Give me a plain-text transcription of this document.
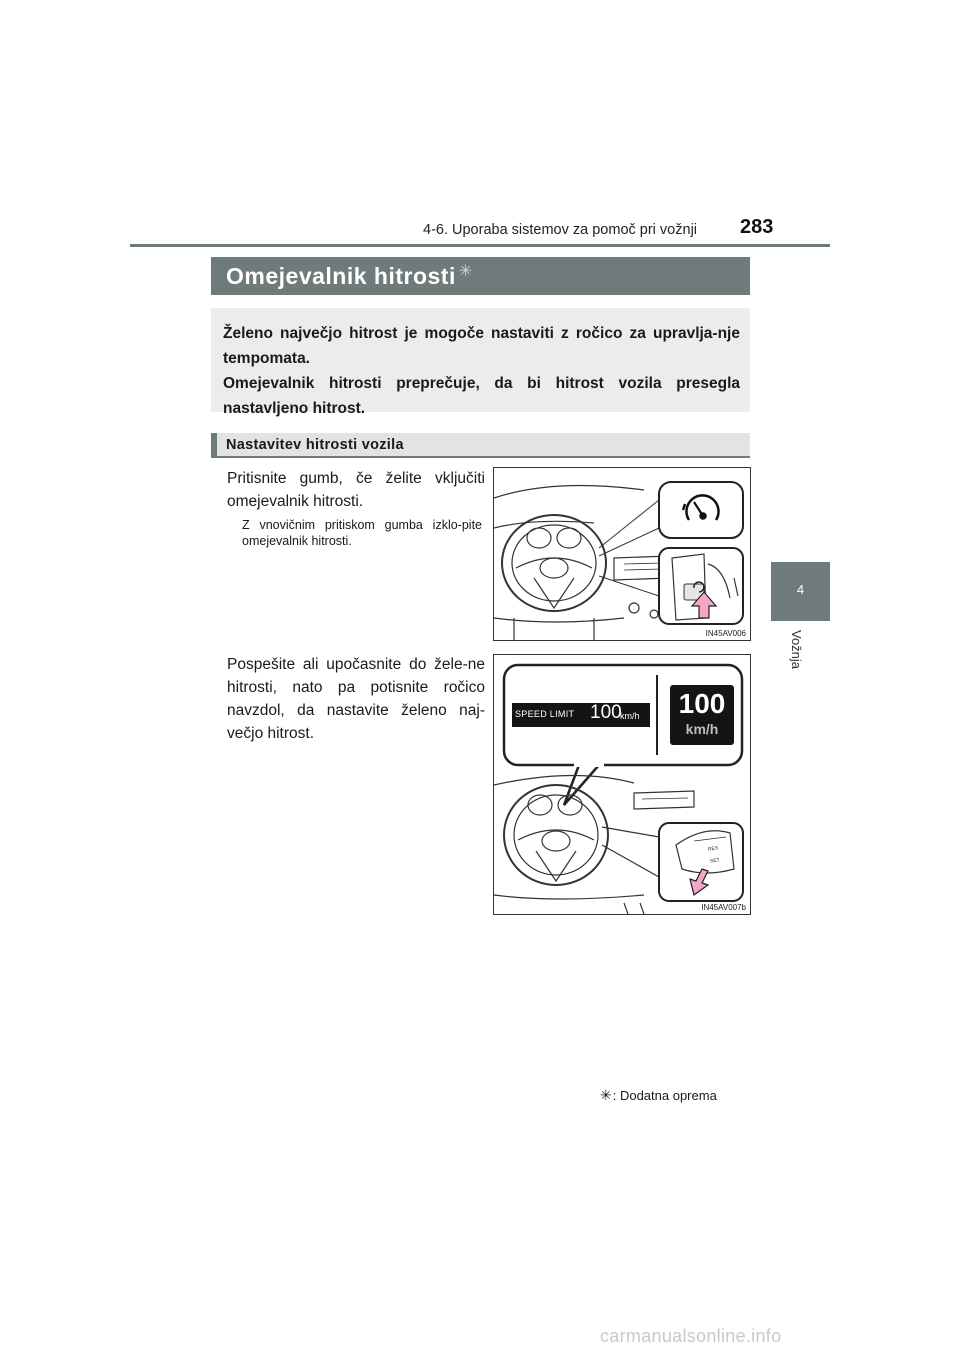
4-6. Uporaba sistemov za pomoč pri vožnji 283
4
Vožnja
Omejevalnik hitrosti ✳

Želeno največjo hitrost je mogoče nastaviti z ročico za upravlja-nje tempomata.

Omejevalnik hitrosti preprečuje, da bi hitrost vozila presegla nastavljeno hitrost.

Nastavitev hitrosti vozila
Pritisnite gumb, če želite vključiti omejevalnik hitrosti.
Z vnovičnim pritiskom gumba izklo-pite omejevalnik hitrosti.
Pospešite ali upočasnite do žele-ne hitrosti, nato pa potisnite ročico navzdol, da nastavite želeno naj-večjo hitrost.
IN45AV006
SPEED LIMIT 100
km/h	100
km/h
RES
SET
IN45AV007b
✳: Dodatna oprema
carmanualsonline.info
